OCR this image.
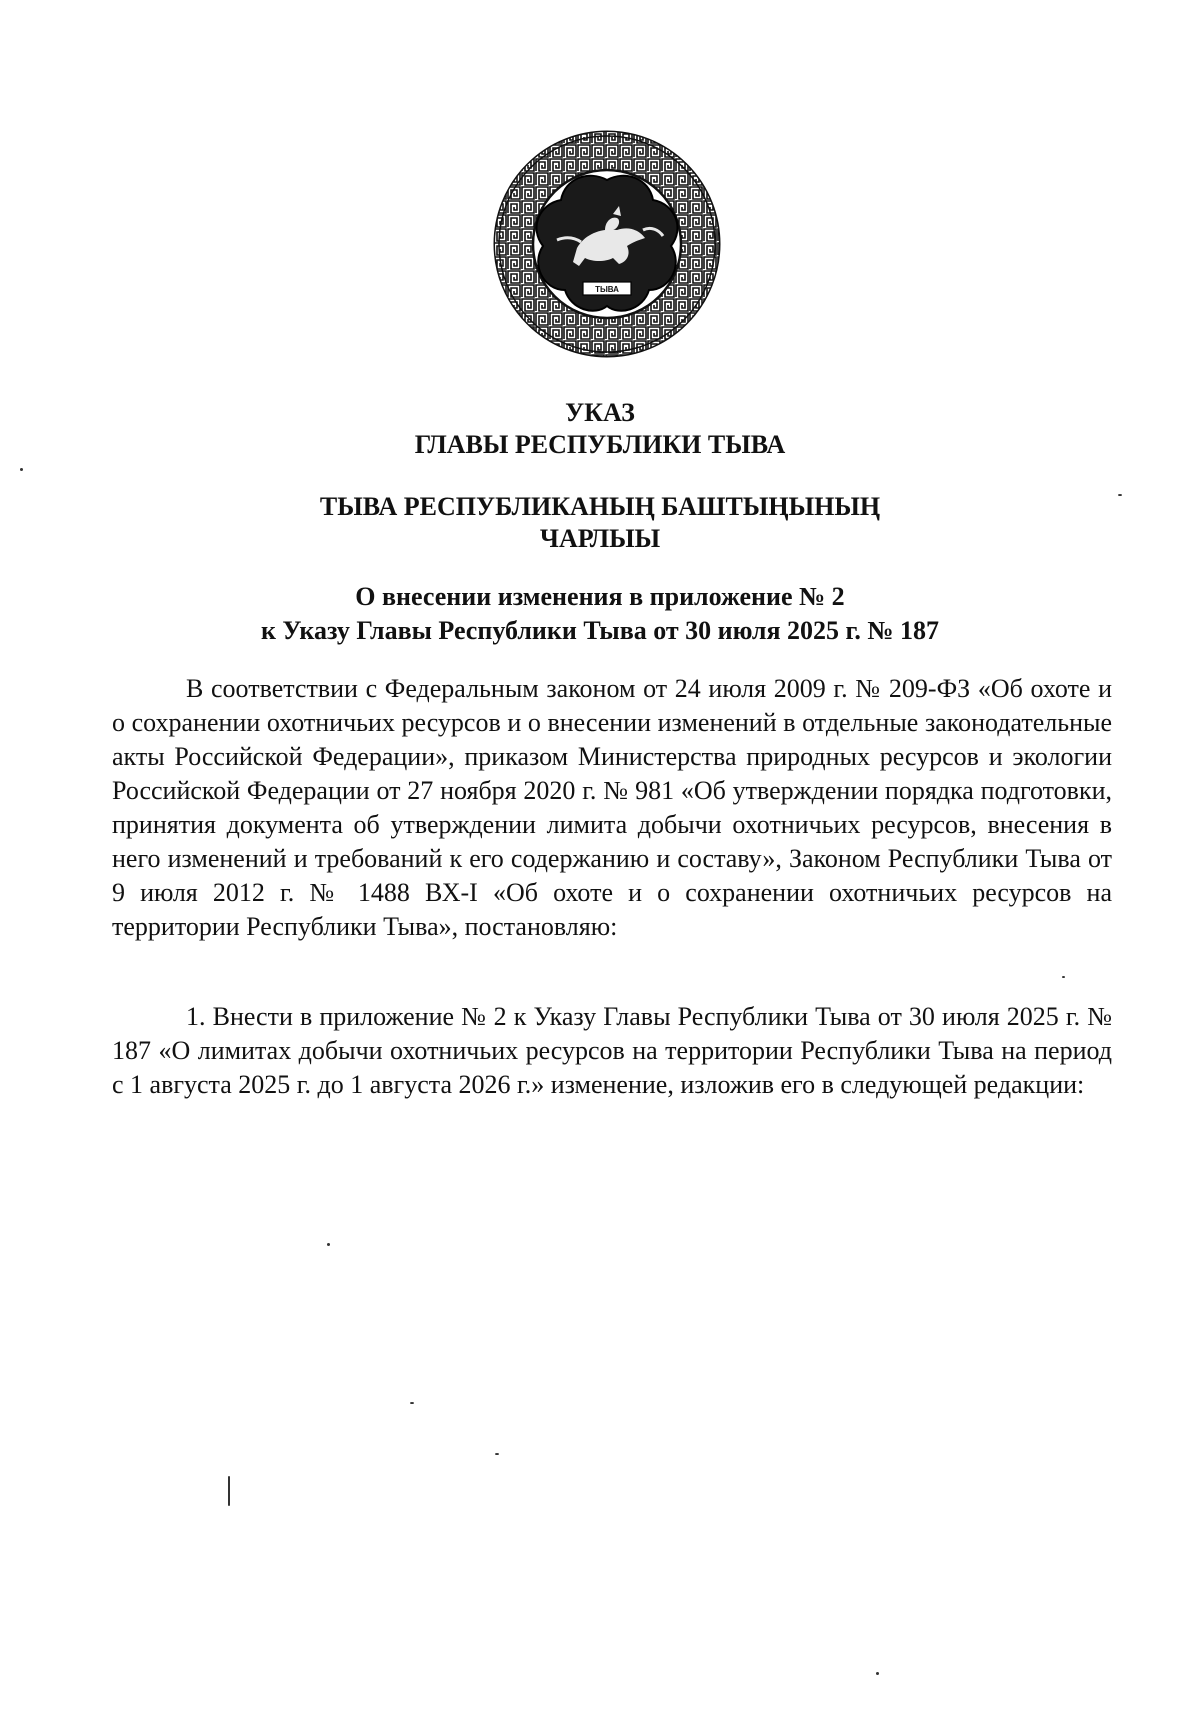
ТЫВА
УКАЗ
ГЛАВЫ РЕСПУБЛИКИ ТЫВА
ТЫВА РЕСПУБЛИКАНЫҢ БАШТЫҢЫНЫҢ
ЧАРЛЫЫ
О внесении изменения в приложение № 2
к Указу Главы Республики Тыва от 30 июля 2025 г. № 187

В соответствии с Федеральным законом от 24 июля 2009 г. № 209-ФЗ «Об охоте и о сохранении охотничьих ресурсов и о внесении изменений в отдельные законодательные акты Российской Федерации», приказом Министерства природных ресурсов и экологии Российской Федерации от 27 ноября 2020 г. № 981 «Об утверждении порядка подготовки, принятия документа об утверждении лимита добычи охотничьих ресурсов, внесения в него изменений и требований к его содержанию и составу», Законом Республики Тыва от 9 июля 2012 г. № 1488 ВХ-I «Об охоте и о сохранении охотничьих ресурсов на территории Республики Тыва», постановляю:

1. Внести в приложение № 2 к Указу Главы Республики Тыва от 30 июля 2025 г. № 187 «О лимитах добычи охотничьих ресурсов на территории Республики Тыва на период с 1 августа 2025 г. до 1 августа 2026 г.» изменение, изложив его в следующей редакции:
